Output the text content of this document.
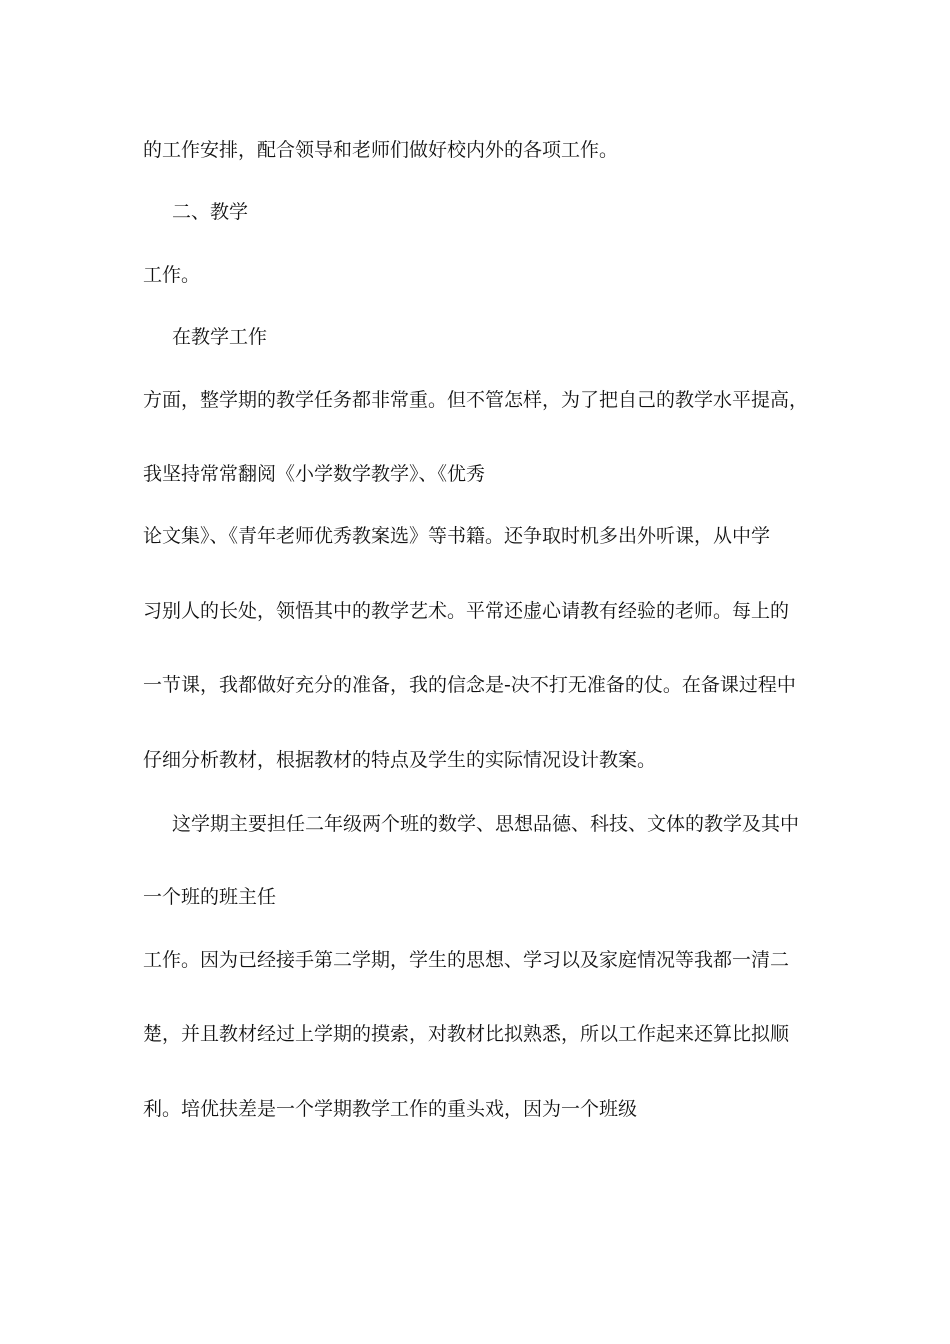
的工作安排，配合领导和老师们做好校内外的各项工作。
二、教学
工作。
在教学工作
方面，整学期的教学任务都非常重。但不管怎样，为了把自己的教学水平提高，
我坚持常常翻阅《小学数学教学》、《优秀
论文集》、《青年老师优秀教案选》等书籍。还争取时机多出外听课，从中学
习别人的长处，领悟其中的教学艺术。平常还虚心请教有经验的老师。每上的
一节课，我都做好充分的准备，我的信念是-决不打无准备的仗。在备课过程中
仔细分析教材，根据教材的特点及学生的实际情况设计教案。
这学期主要担任二年级两个班的数学、思想品德、科技、文体的教学及其中
一个班的班主任
工作。因为已经接手第二学期，学生的思想、学习以及家庭情况等我都一清二
楚，并且教材经过上学期的摸索，对教材比拟熟悉，所以工作起来还算比拟顺
利。培优扶差是一个学期教学工作的重头戏，因为一个班级
